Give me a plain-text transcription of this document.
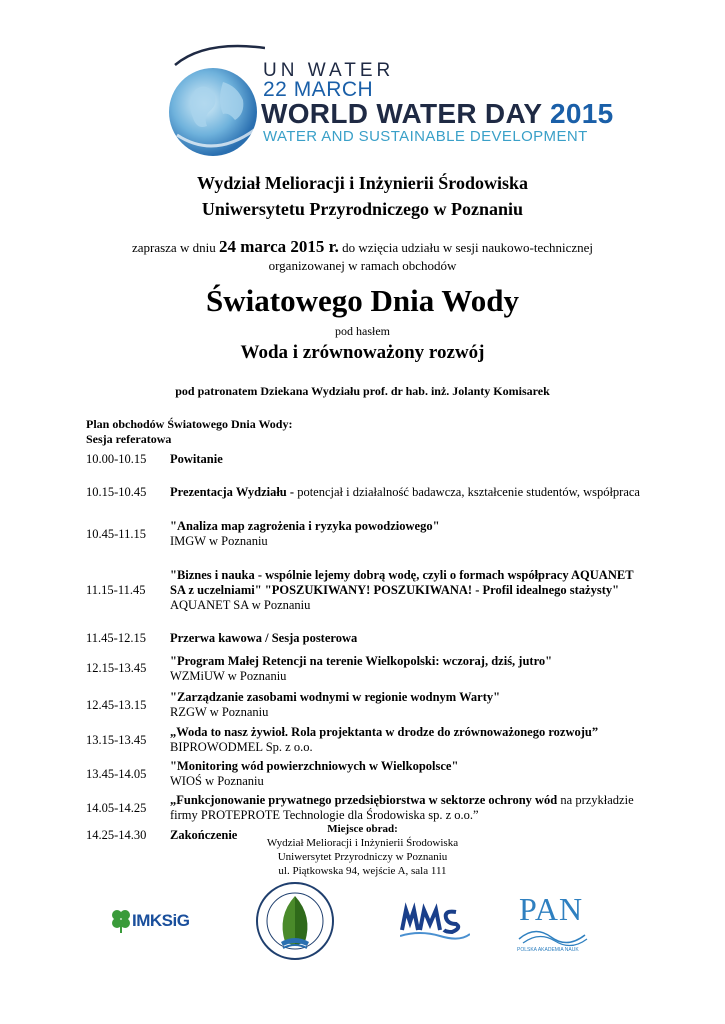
UN WATER
22 MARCH
WORLD WATER DAY 2015
WATER AND SUSTAINABLE DEVELOPMENT
Wydział Melioracji i Inżynierii Środowiska
Uniwersytetu Przyrodniczego w Poznaniu
zaprasza w dniu 24 marca 2015 r. do wzięcia udziału w sesji naukowo-technicznej
organizowanej w ramach obchodów
Światowego Dnia Wody
pod hasłem
Woda i zrównoważony rozwój
pod patronatem Dziekana Wydziału prof. dr hab. inż. Jolanty Komisarek
Plan obchodów Światowego Dnia Wody:
Sesja referatowa
10.00-10.15	Powitanie
10.15-10.45	Prezentacja Wydziału - potencjał i działalność badawcza, kształcenie studentów, współpraca
10.45-11.15	"Analiza map zagrożenia i ryzyka powodziowego"
IMGW w Poznaniu
11.15-11.45	"Biznes i nauka - wspólnie lejemy dobrą wodę, czyli o formach współpracy AQUANET SA z uczelniami" "POSZUKIWANY! POSZUKIWANA! - Profil idealnego stażysty"
AQUANET SA w Poznaniu
11.45-12.15	Przerwa kawowa / Sesja posterowa
12.15-13.45	"Program Małej Retencji na terenie Wielkopolski: wczoraj, dziś, jutro"
WZMiUW w Poznaniu
12.45-13.15	"Zarządzanie zasobami wodnymi w regionie wodnym Warty"
RZGW w Poznaniu
13.15-13.45	„Woda to nasz żywioł. Rola projektanta w drodze do zrównoważonego rozwoju”
BIPROWODMEL Sp. z o.o.
13.45-14.05	"Monitoring wód powierzchniowych w Wielkopolsce"
WIOŚ w Poznaniu
14.05-14.25	„Funkcjonowanie prywatnego przedsiębiorstwa w sektorze ochrony wód na przykładzie firmy PROTEPROTE Technologie dla Środowiska sp. z o.o.”
14.25-14.30	Zakończenie	Miejsce obrad:
Wydział Melioracji i Inżynierii Środowiska
Uniwersytet Przyrodniczy w Poznaniu
ul. Piątkowska 94, wejście A, sala 111
IMKSiG	PAN
POLSKA AKADEMIA NAUK
